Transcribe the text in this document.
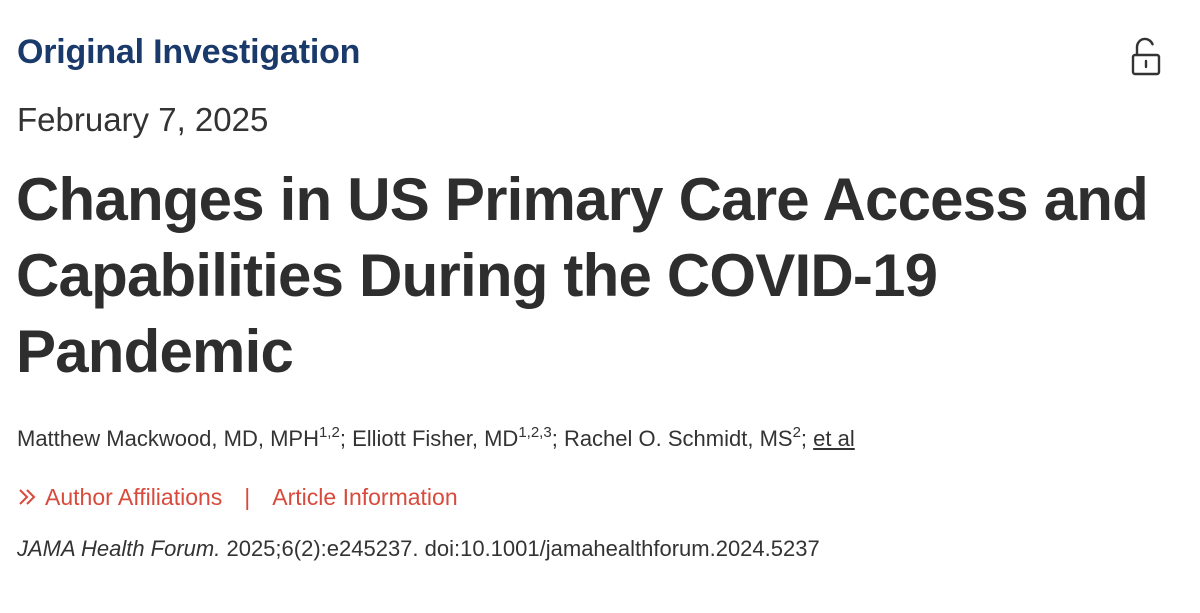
Original Investigation
February 7, 2025
Changes in US Primary Care Access and Capabilities During the COVID-19 Pandemic
Matthew Mackwood, MD, MPH$^{1,2}$; Elliott Fisher, MD$^{1,2,3}$; Rachel O. Schmidt, $MS^2$; et al
Author Affiliations | Article Information
JAMA Health Forum. 2025;6(2):e245237. doi:10.1001/jamahealthforum.2024.5237
